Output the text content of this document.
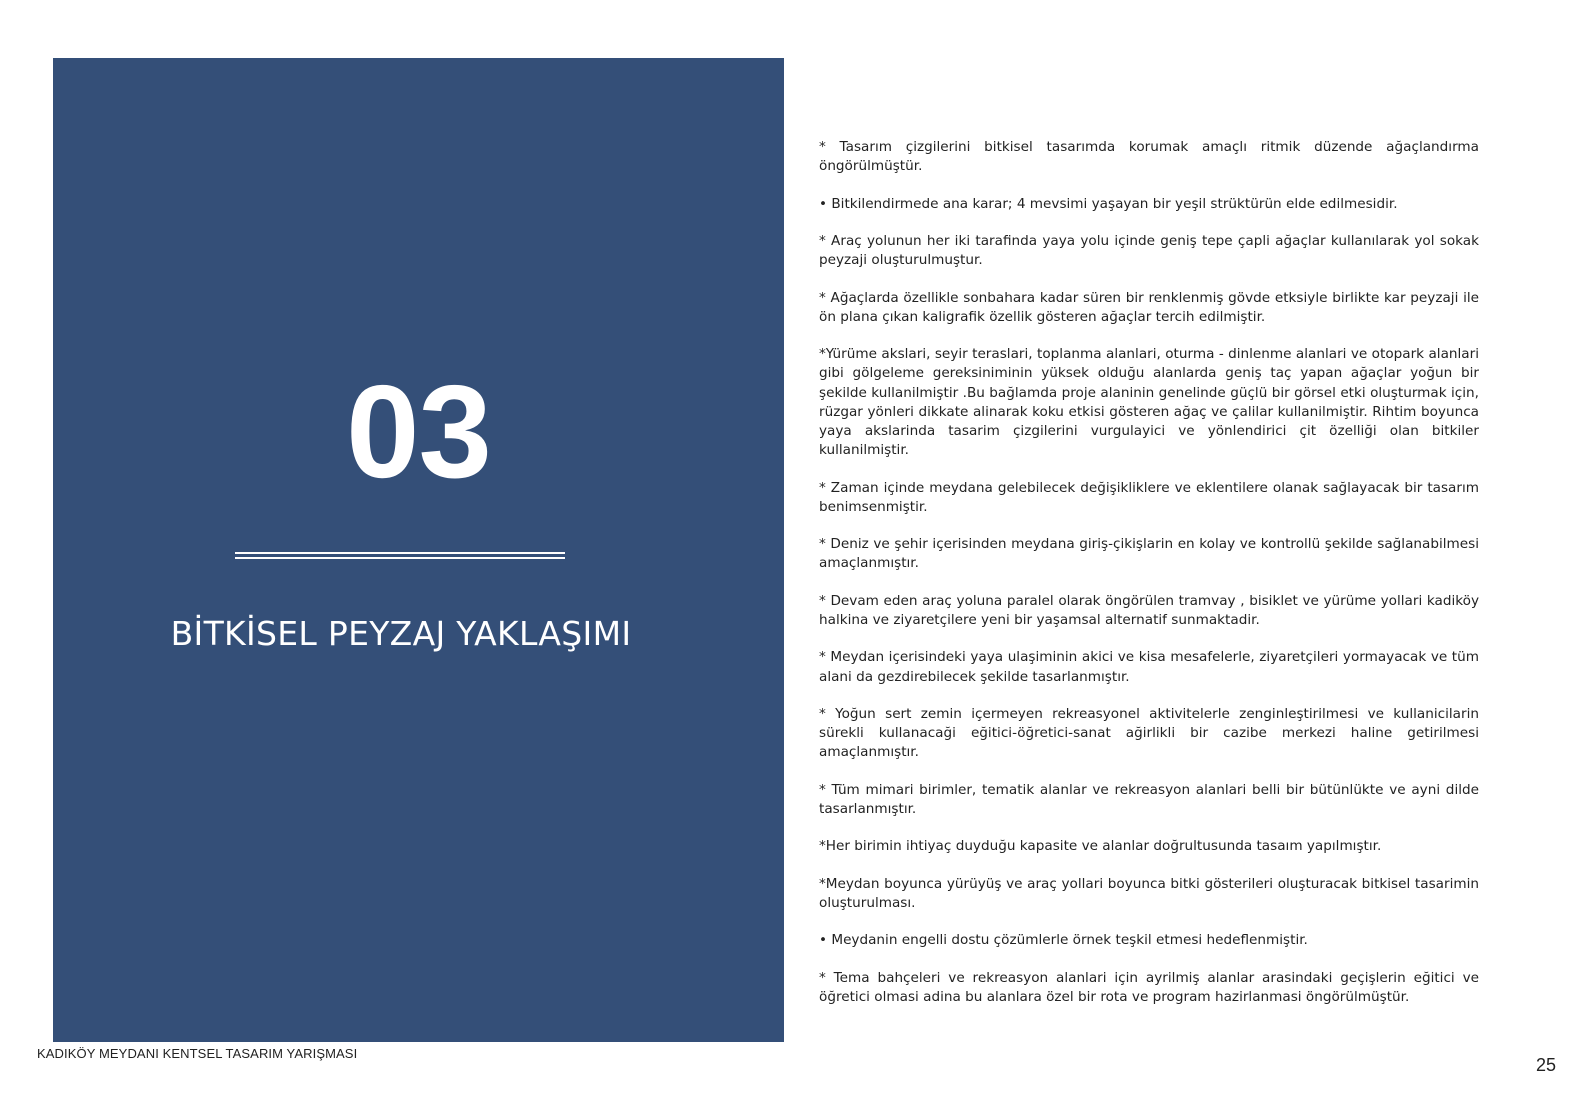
03
BİTKİSEL PEYZAJ YAKLAŞIMI

* Tasarım çizgilerini bitkisel tasarımda korumak amaçlı ritmik düzende ağaçlandırma öngörülmüştür.

• Bitkilendirmede ana karar; 4 mevsimi yaşayan bir yeşil strüktürün elde edilmesidir.

* Araç yolunun her iki tarafinda yaya yolu içinde geniş tepe çapli ağaçlar kullanılarak yol sokak peyzaji oluşturulmuştur.

* Ağaçlarda özellikle sonbahara kadar süren bir renklenmiş gövde etksiyle birlikte kar peyzaji ile ön plana çıkan kaligrafik özellik gösteren ağaçlar tercih edilmiştir.

*Yürüme akslari, seyir teraslari, toplanma alanlari, oturma - dinlenme alanlari ve otopark alanlari gibi gölgeleme gereksiniminin yüksek olduğu alanlarda geniş taç yapan ağaçlar yoğun bir şekilde kullanilmiştir .Bu bağlamda proje alaninin genelinde güçlü bir görsel etki oluşturmak için, rüzgar yönleri dikkate alinarak koku etkisi gösteren ağaç ve çalilar kullanilmiştir. Rihtim boyunca yaya akslarinda tasarim çizgilerini vurgulayici ve yönlendirici çit özelliği olan bitkiler kullanilmiştir.

* Zaman içinde meydana gelebilecek değişikliklere ve eklentilere olanak sağlayacak bir tasarım benimsenmiştir.

* Deniz ve şehir içerisinden meydana giriş-çikişlarin en kolay ve kontrollü şekilde sağlanabilmesi amaçlanmıştır.

* Devam eden araç yoluna paralel olarak öngörülen tramvay , bisiklet ve yürüme yollari kadiköy halkina ve ziyaretçilere yeni bir yaşamsal alternatif sunmaktadir.

* Meydan içerisindeki yaya ulaşiminin akici ve kisa mesafelerle, ziyaretçileri yormayacak ve tüm alani da gezdirebilecek şekilde tasarlanmıştır.

* Yoğun sert zemin içermeyen rekreasyonel aktivitelerle zenginleştirilmesi ve kullanicilarin sürekli kullanacaği eğitici-öğretici-sanat ağirlikli bir cazibe merkezi haline getirilmesi amaçlanmıştır.

* Tüm mimari birimler, tematik alanlar ve rekreasyon alanlari belli bir bütünlükte ve ayni dilde tasarlanmıştır.

*Her birimin ihtiyaç duyduğu kapasite ve alanlar doğrultusunda tasaım yapılmıştır.

*Meydan boyunca yürüyüş ve araç yollari boyunca bitki gösterileri oluşturacak bitkisel tasarimin oluşturulması.

• Meydanin engelli dostu çözümlerle örnek teşkil etmesi hedeflenmiştir.

* Tema bahçeleri ve rekreasyon alanlari için ayrilmiş alanlar arasindaki geçişlerin eğitici ve öğretici olmasi adina bu alanlara özel bir rota ve program hazirlanmasi öngörülmüştür.

KADIKÖY MEYDANI KENTSEL TASARIM YARIŞMASI
25
